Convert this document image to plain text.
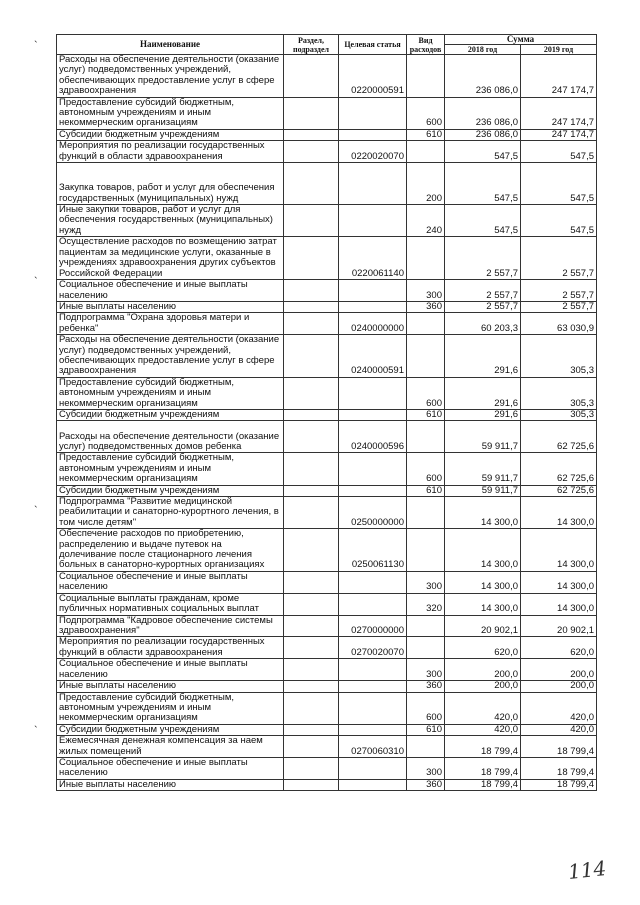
Наименование	Раздел, подраздел	Целевая статья	Вид расходов	Сумма	
				2018 год	2019 год
Расходы на обеспечение деятельности (оказание услуг) подведомственных учреждений, обеспечивающих предоставление услуг в сфере здравоохранения		0220000591		236 086,0	247 174,7
Предоставление субсидий бюджетным, автономным учреждениям и иным некоммерческим организациям			600	236 086,0	247 174,7
Субсидии бюджетным учреждениям			610	236 086,0	247 174,7
Мероприятия по реализации государственных функций в области здравоохранения		0220020070		547,5	547,5
Закупка товаров, работ и услуг для обеспечения государственных (муниципальных) нужд			200	547,5	547,5
Иные закупки товаров, работ и услуг для обеспечения государственных (муниципальных) нужд			240	547,5	547,5
Осуществление расходов по возмещению затрат пациентам за медицинские услуги, оказанные в учреждениях здравоохранения других субъектов Российской Федерации		0220061140		2 557,7	2 557,7
Социальное обеспечение и иные выплаты населению			300	2 557,7	2 557,7
Иные выплаты населению			360	2 557,7	2 557,7
Подпрограмма "Охрана здоровья матери и ребенка"		0240000000		60 203,3	63 030,9
Расходы на обеспечение деятельности (оказание услуг) подведомственных учреждений, обеспечивающих предоставление услуг в сфере здравоохранения		0240000591		291,6	305,3
Предоставление субсидий бюджетным, автономным учреждениям и иным некоммерческим организациям			600	291,6	305,3
Субсидии бюджетным учреждениям			610	291,6	305,3
Расходы на обеспечение деятельности (оказание услуг) подведомственных домов ребенка		0240000596		59 911,7	62 725,6
Предоставление субсидий бюджетным, автономным учреждениям и иным некоммерческим организациям			600	59 911,7	62 725,6
Субсидии бюджетным учреждениям			610	59 911,7	62 725,6
Подпрограмма "Развитие медицинской реабилитации и санаторно-курортного лечения, в том числе детям"		0250000000		14 300,0	14 300,0
Обеспечение расходов по приобретению, распределению и выдаче путевок на долечивание после стационарного лечения больных в санаторно-курортных организациях		0250061130		14 300,0	14 300,0
Социальное обеспечение и иные выплаты населению			300	14 300,0	14 300,0
Социальные выплаты гражданам, кроме публичных нормативных социальных выплат			320	14 300,0	14 300,0
Подпрограмма "Кадровое обеспечение системы здравоохранения"		0270000000		20 902,1	20 902,1
Мероприятия по реализации государственных функций в области здравоохранения		0270020070		620,0	620,0
Социальное обеспечение и иные выплаты населению			300	200,0	200,0
Иные выплаты населению			360	200,0	200,0
Предоставление субсидий бюджетным, автономным учреждениям и иным некоммерческим организациям			600	420,0	420,0
Субсидии бюджетным учреждениям			610	420,0	420,0
Ежемесячная денежная компенсация за наем жилых помещений		0270060310		18 799,4	18 799,4
Социальное обеспечение и иные выплаты населению			300	18 799,4	18 799,4
Иные выплаты населению			360	18 799,4	18 799,4
`
`
`
`
114
